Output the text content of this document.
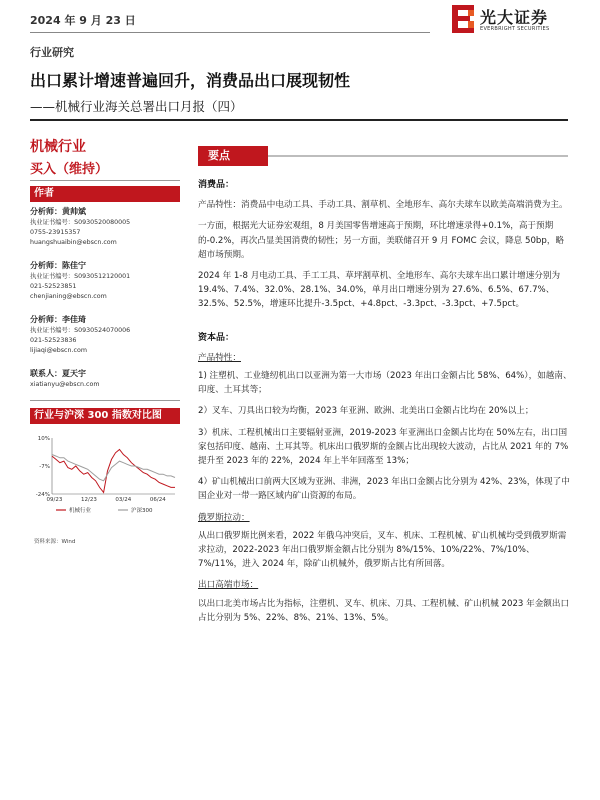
2024 年 9 月 23 日	光大证券
EVERBRIGHT SECURITIES
行业研究
出口累计增速普遍回升，消费品出口展现韧性
——机械行业海关总署出口月报（四）
机械行业
买入（维持）
作者
分析师：黄帅斌
执业证书编号：S0930520080005
0755-23915357
huangshuaibin@ebscn.com
分析师：陈佳宁
执业证书编号：S0930512120001
021-52523851
chenjianing@ebscn.com
分析师：李佳琦
执业证书编号：S0930524070006
021-52523836
lijiaqi@ebscn.com
联系人：夏天宇
xiatianyu@ebscn.com
行业与沪深 300 指数对比图
10%
-7%
-24%
09/23	12/23	03/24	06/24
机械行业	沪深300
资料来源：Wind
要点
消费品：

产品特性：消费品中电动工具、手动工具、割草机、全地形车、高尔夫球车以欧美高端消费为主。

一方面，根据光大证券宏观组，8 月美国零售增速高于预期，环比增速录得+0.1%，高于预期的-0.2%，再次凸显美国消费的韧性；另一方面，美联储召开 9 月 FOMC 会议，降息 50bp，略超市场预期。

2024 年 1-8 月电动工具、手工工具、草坪割草机、全地形车、高尔夫球车出口累计增速分别为 19.4%、7.4%、32.0%、28.1%、34.0%，单月出口增速分别为 27.6%、6.5%、67.7%、32.5%、52.5%，增速环比提升-3.5pct、+4.8pct、-3.3pct、-3.3pct、+7.5pct。

资本品：
产品特性：

1) 注塑机、工业缝纫机出口以亚洲为第一大市场（2023 年出口金额占比 58%、64%），如越南、印度、土耳其等；

2）叉车、刀具出口较为均衡，2023 年亚洲、欧洲、北美出口金额占比均在 20%以上；

3）机床、工程机械出口主要辐射亚洲，2019-2023 年亚洲出口金额占比均在 50%左右，出口国家包括印度、越南、土耳其等。机床出口俄罗斯的金额占比出现较大波动，占比从 2021 年的 7%提升至 2023 年的 22%，2024 年上半年回落至 13%；

4）矿山机械出口前两大区域为亚洲、非洲，2023 年出口金额占比分别为 42%、23%，体现了中国企业对一带一路区域内矿山资源的布局。

俄罗斯拉动：

从出口俄罗斯比例来看，2022 年俄乌冲突后，叉车、机床、工程机械、矿山机械均受到俄罗斯需求拉动，2022-2023 年出口俄罗斯金额占比分别为 8%/15%、10%/22%、7%/10%、7%/11%，进入 2024 年，除矿山机械外，俄罗斯占比有所回落。

出口高端市场：

以出口北美市场占比为指标，注塑机、叉车、机床、刀具、工程机械、矿山机械 2023 年金额出口占比分别为 5%、22%、8%、21%、13%、5%。
